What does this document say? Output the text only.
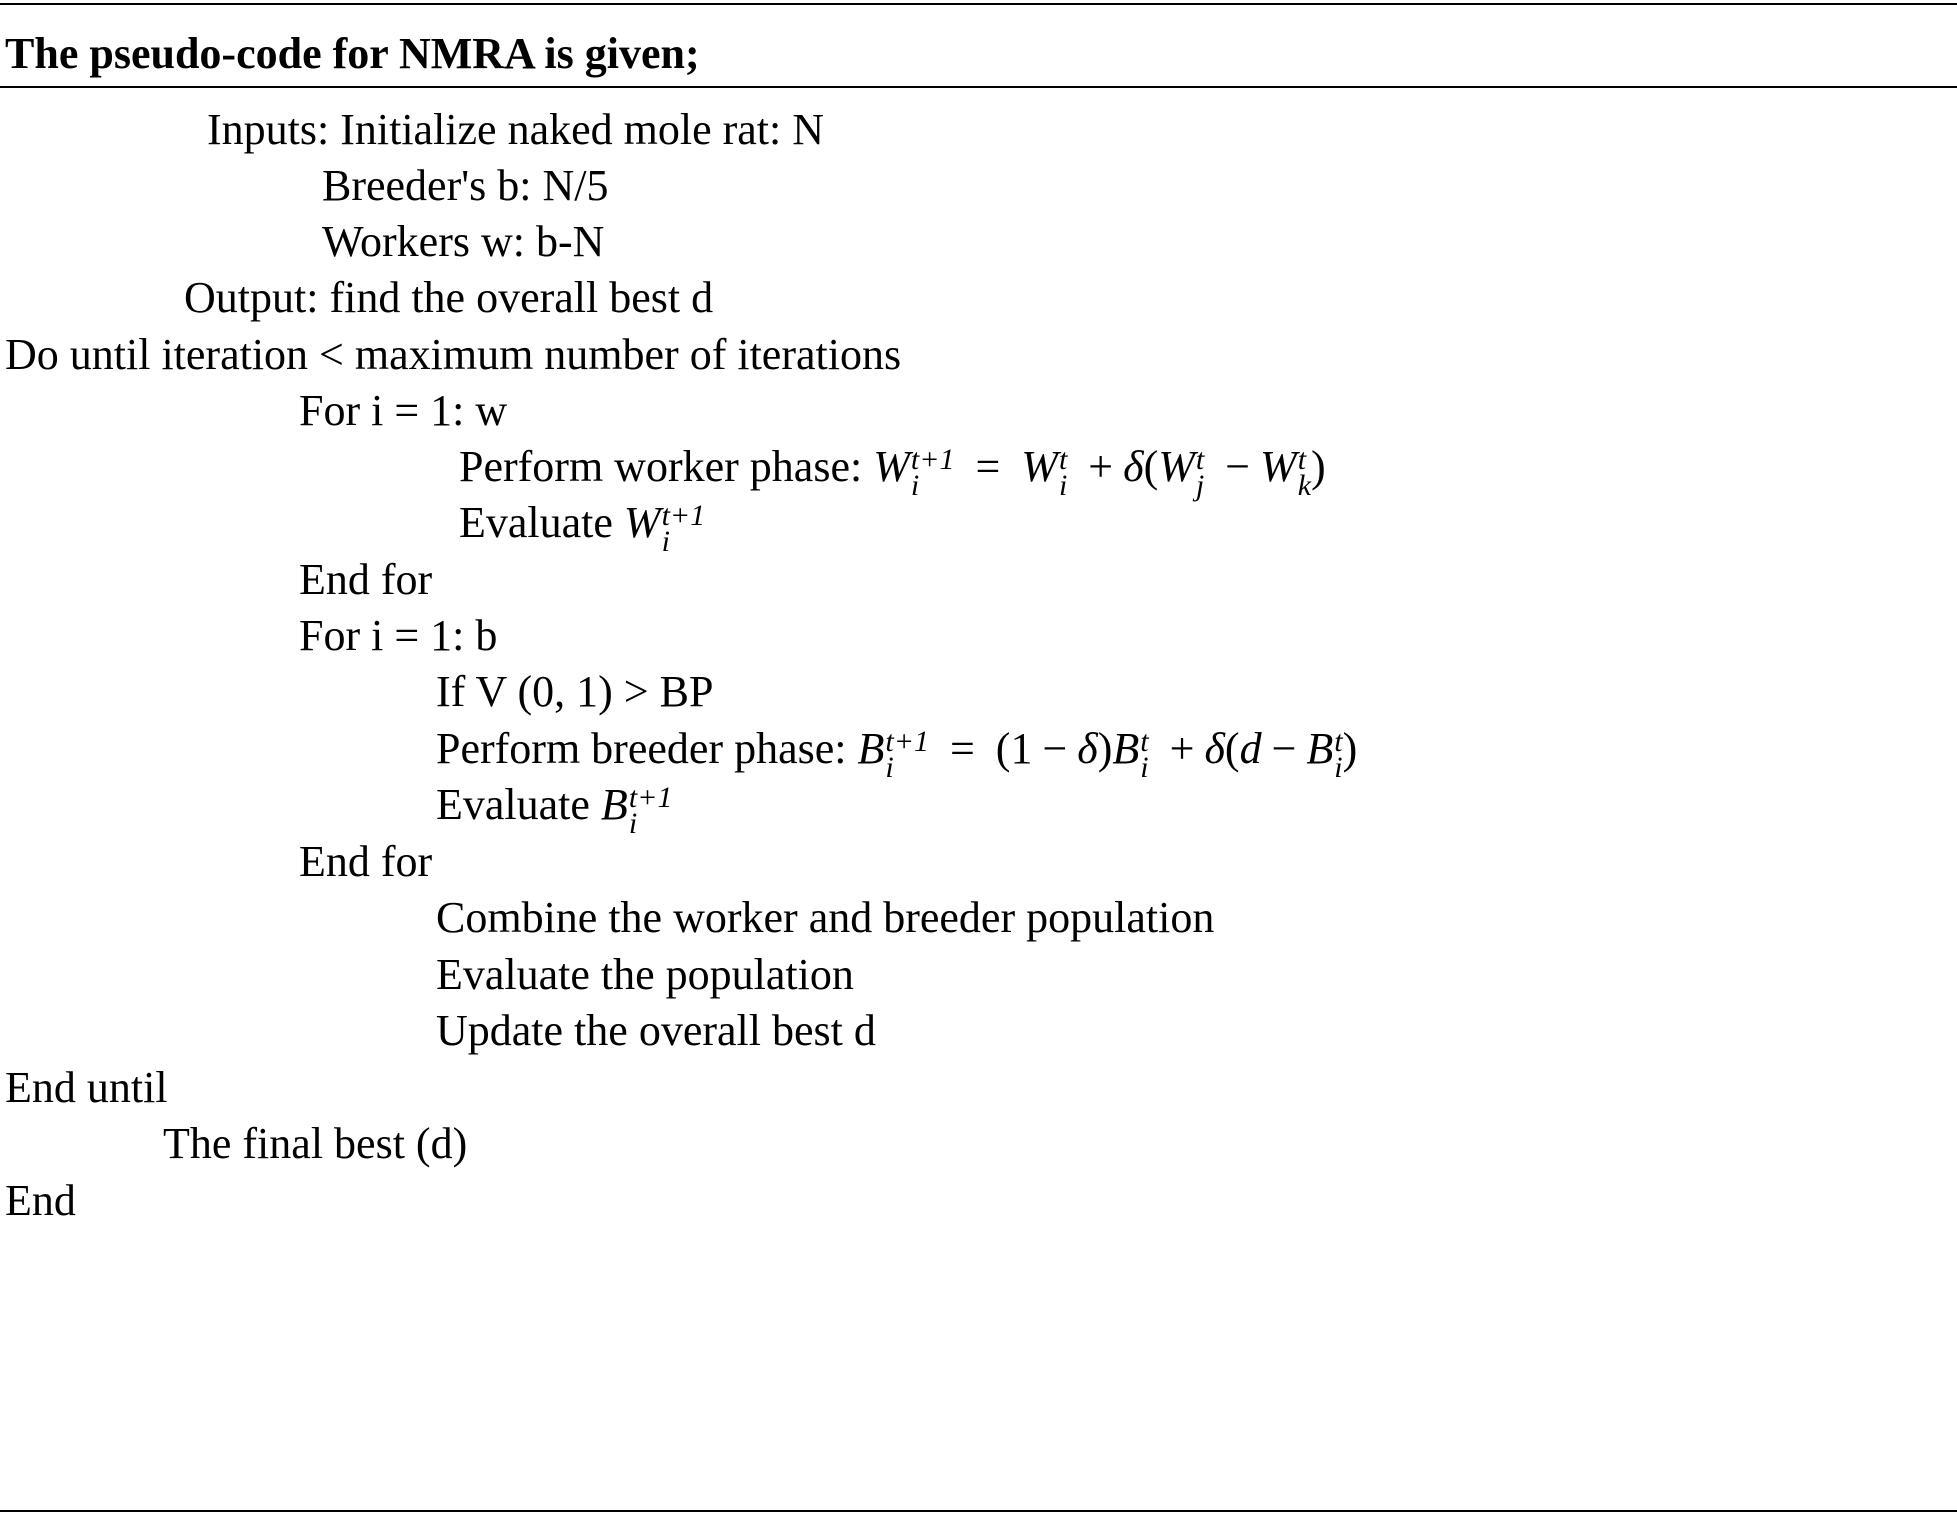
The pseudo-code for NMRA is given;
Inputs: Initialize naked mole rat: N
Breeder's b: N/5
Workers w: b-N
Output: find the overall best d
Do until iteration < maximum number of iterations
For i = 1: w
Perform worker phase: W t+1
i	= W t
i + δ(W t
j − W t
k )
Evaluate W t+1
i
End for
For i = 1: b
If V (0, 1) > BP
Perform breeder phase: B t+1
i	= (1 − δ)B t
i + δ(d − B t
i )
Evaluate B t+1
i
End for
Combine the worker and breeder population
Evaluate the population
Update the overall best d
End until
The final best (d)
End
